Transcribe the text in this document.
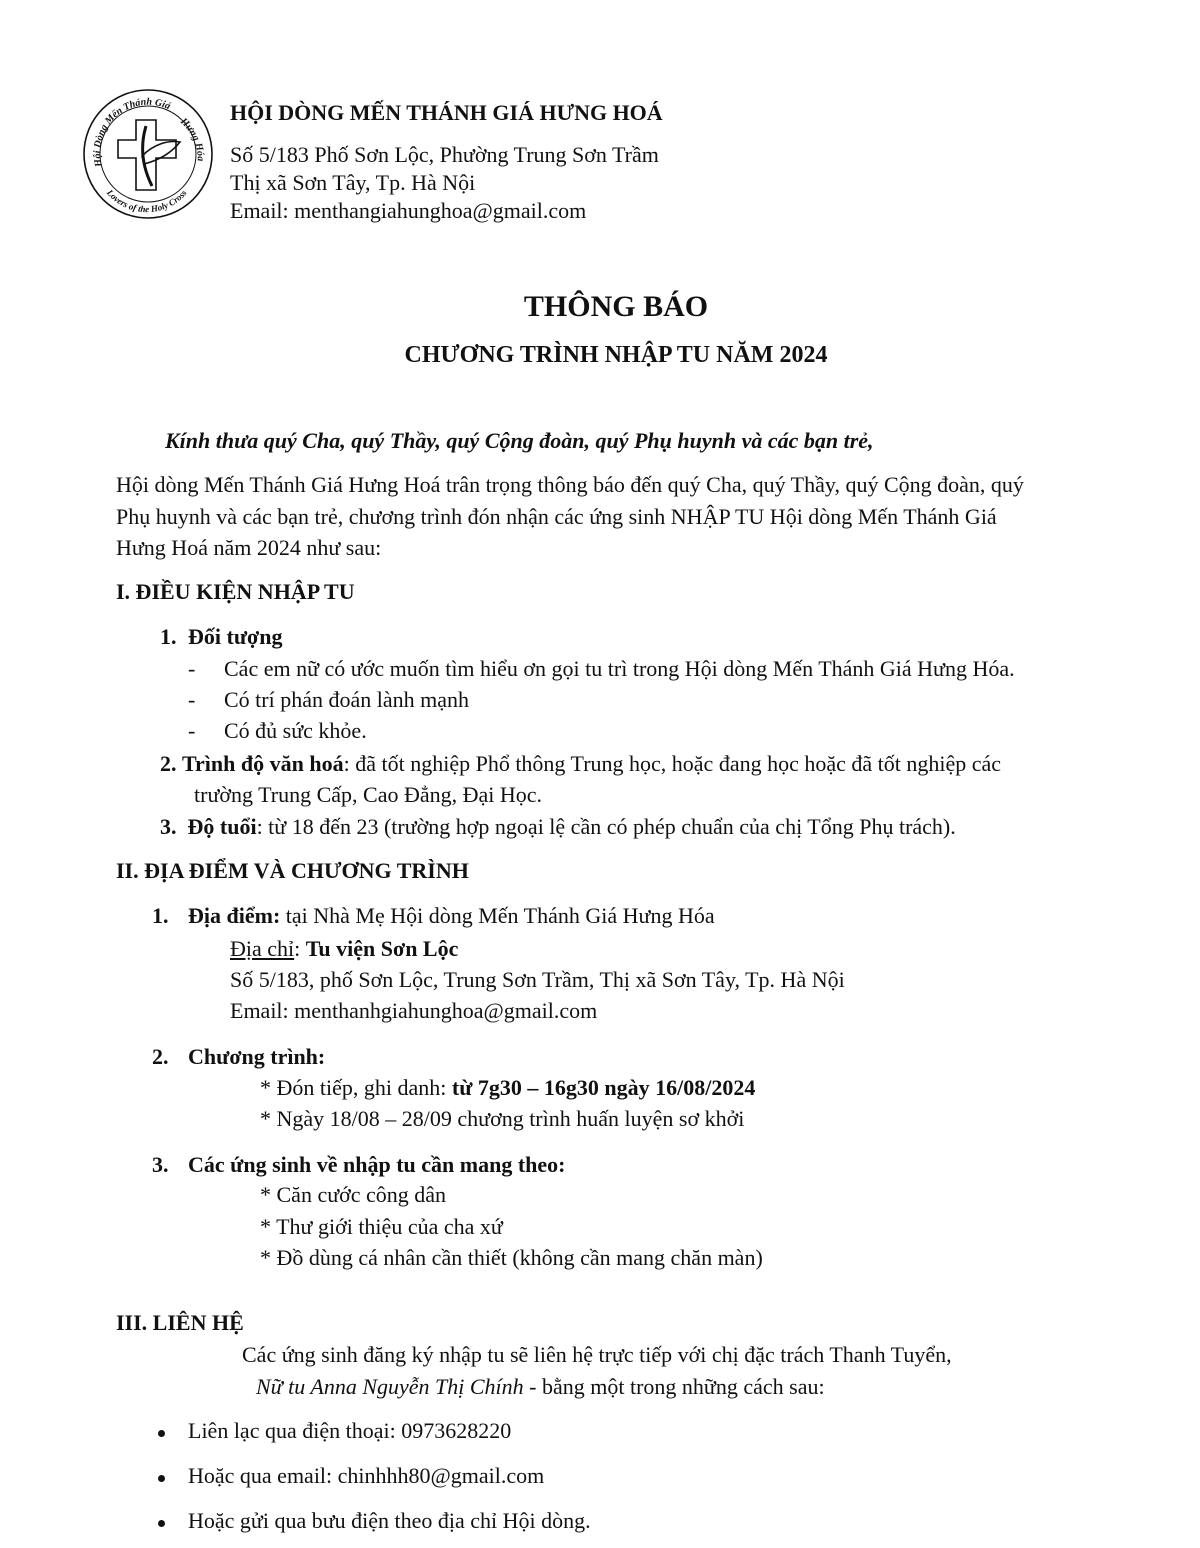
Hội Dòng Mến Thánh Giá
Hưng Hóa
Lovers of the Holy Cross
HỘI DÒNG MẾN THÁNH GIÁ HƯNG HOÁ
Số 5/183 Phố Sơn Lộc, Phường Trung Sơn Trầm
Thị xã Sơn Tây, Tp. Hà Nội
Email: menthangiahunghoa@gmail.com
THÔNG BÁO
CHƯƠNG TRÌNH NHẬP TU NĂM 2024
Kính thưa quý Cha, quý Thầy, quý Cộng đoàn, quý Phụ huynh và các bạn trẻ,
Hội dòng Mến Thánh Giá Hưng Hoá trân trọng thông báo đến quý Cha, quý Thầy, quý Cộng đoàn, quý
Phụ huynh và các bạn trẻ, chương trình đón nhận các ứng sinh NHẬP TU Hội dòng Mến Thánh Giá
Hưng Hoá năm 2024 như sau:
I. ĐIỀU KIỆN NHẬP TU
1. Đối tượng
- Các em nữ có ước muốn tìm hiểu ơn gọi tu trì trong Hội dòng Mến Thánh Giá Hưng Hóa.
- Có trí phán đoán lành mạnh
- Có đủ sức khỏe.
2. Trình độ văn hoá: đã tốt nghiệp Phổ thông Trung học, hoặc đang học hoặc đã tốt nghiệp các
trường Trung Cấp, Cao Đẳng, Đại Học.
3. Độ tuổi: từ 18 đến 23 (trường hợp ngoại lệ cần có phép chuẩn của chị Tổng Phụ trách).
II. ĐỊA ĐIỂM VÀ CHƯƠNG TRÌNH
1. Địa điểm: tại Nhà Mẹ Hội dòng Mến Thánh Giá Hưng Hóa
Địa chỉ: Tu viện Sơn Lộc
Số 5/183, phố Sơn Lộc, Trung Sơn Trầm, Thị xã Sơn Tây, Tp. Hà Nội
Email: menthanhgiahunghoa@gmail.com
2. Chương trình:
* Đón tiếp, ghi danh: từ 7g30 – 16g30 ngày 16/08/2024
* Ngày 18/08 – 28/09 chương trình huấn luyện sơ khởi
3. Các ứng sinh về nhập tu cần mang theo:
* Căn cước công dân
* Thư giới thiệu của cha xứ
* Đồ dùng cá nhân cần thiết (không cần mang chăn màn)
III. LIÊN HỆ
Các ứng sinh đăng ký nhập tu sẽ liên hệ trực tiếp với chị đặc trách Thanh Tuyển,
Nữ tu Anna Nguyễn Thị Chính - bằng một trong những cách sau:
Liên lạc qua điện thoại: 0973628220
Hoặc qua email: chinhhh80@gmail.com
Hoặc gửi qua bưu điện theo địa chỉ Hội dòng.
